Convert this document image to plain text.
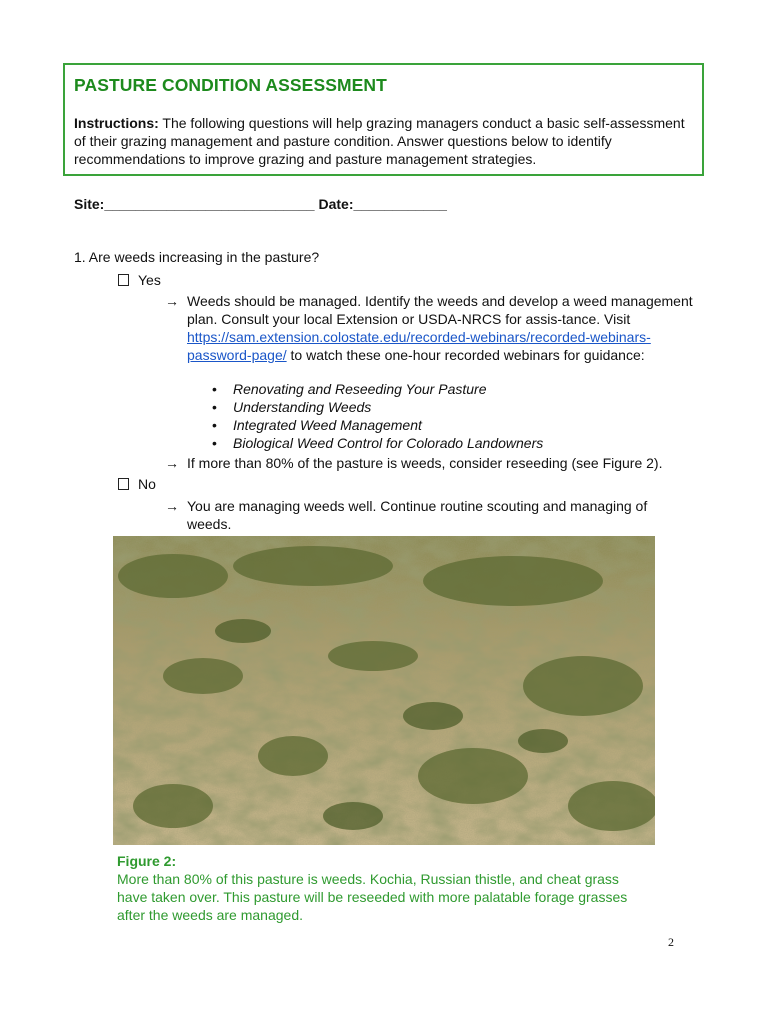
PASTURE CONDITION ASSESSMENT

Instructions: The following questions will help grazing managers conduct a basic self-assessment of their grazing management and pasture condition. Answer questions below to identify recommendations to improve grazing and pasture management strategies.

Site:___________________________ Date:____________
1. Are weeds increasing in the pasture?
Yes
→ Weeds should be managed. Identify the weeds and develop a weed management plan. Consult your local Extension or USDA-NRCS for assis-tance. Visit https://sam.extension.colostate.edu/recorded-webinars/recorded-webinars-password-page/ to watch these one-hour recorded webinars for guidance:
• Renovating and Reseeding Your Pasture
• Understanding Weeds
• Integrated Weed Management
• Biological Weed Control for Colorado Landowners
→ If more than 80% of the pasture is weeds, consider reseeding (see Figure 2).
No
→ You are managing weeds well. Continue routine scouting and managing of weeds.
Figure 2:
More than 80% of this pasture is weeds. Kochia, Russian thistle, and cheat grass have taken over. This pasture will be reseeded with more palatable forage grasses after the weeds are managed.
2
